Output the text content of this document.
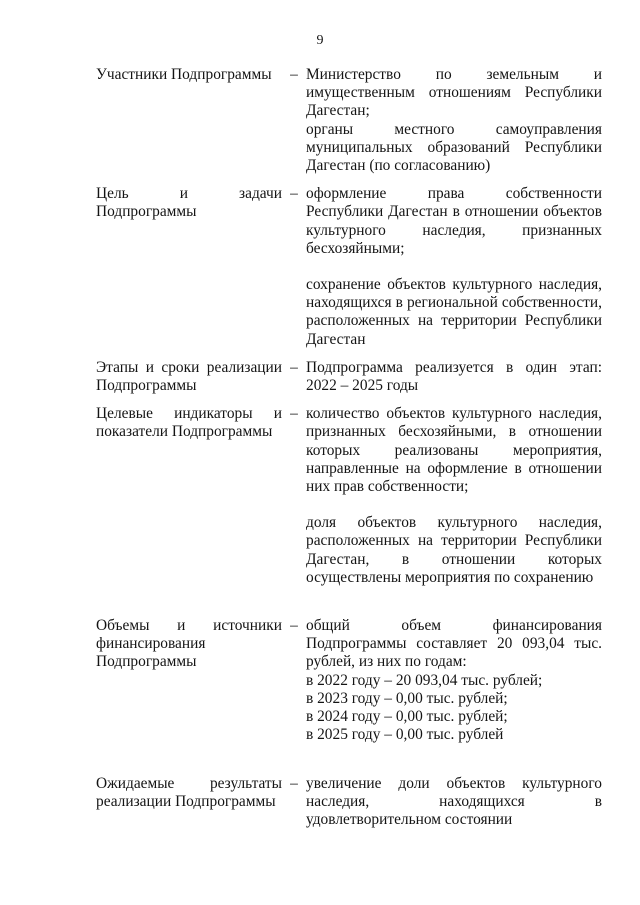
9
Участники Подпрограммы	– Министерство по земельным и имущественным отношениям Республики Дагестан;
органы местного самоуправления муниципальных образований Республики Дагестан (по согласованию)
Цель и задачи
Подпрограммы
– оформление права собственности Республики Дагестан в отношении объектов культурного наследия, признанных бесхозяйными;
сохранение объектов культурного наследия, находящихся в региональной собственности, расположенных на территории Республики Дагестан
Этапы и сроки реализации
Подпрограммы
– Подпрограмма реализуется в один этап: 2022 – 2025 годы
Целевые индикаторы и
показатели Подпрограммы
– количество объектов культурного наследия, признанных бесхозяйными, в отношении которых реализованы мероприятия, направленные на оформление в отношении них прав собственности;
доля объектов культурного наследия, расположенных на территории Республики Дагестан, в отношении которых осуществлены мероприятия по сохранению
Объемы и источники
финансирования
Подпрограммы
– общий объем финансирования Подпрограммы составляет 20 093,04 тыс. рублей, из них по годам:
в 2022 году – 20 093,04 тыс. рублей;
в 2023 году – 0,00 тыс. рублей;
в 2024 году – 0,00 тыс. рублей;
в 2025 году – 0,00 тыс. рублей
Ожидаемые результаты
реализации Подпрограммы
– увеличение доли объектов культурного наследия, находящихся в удовлетворительном состоянии
